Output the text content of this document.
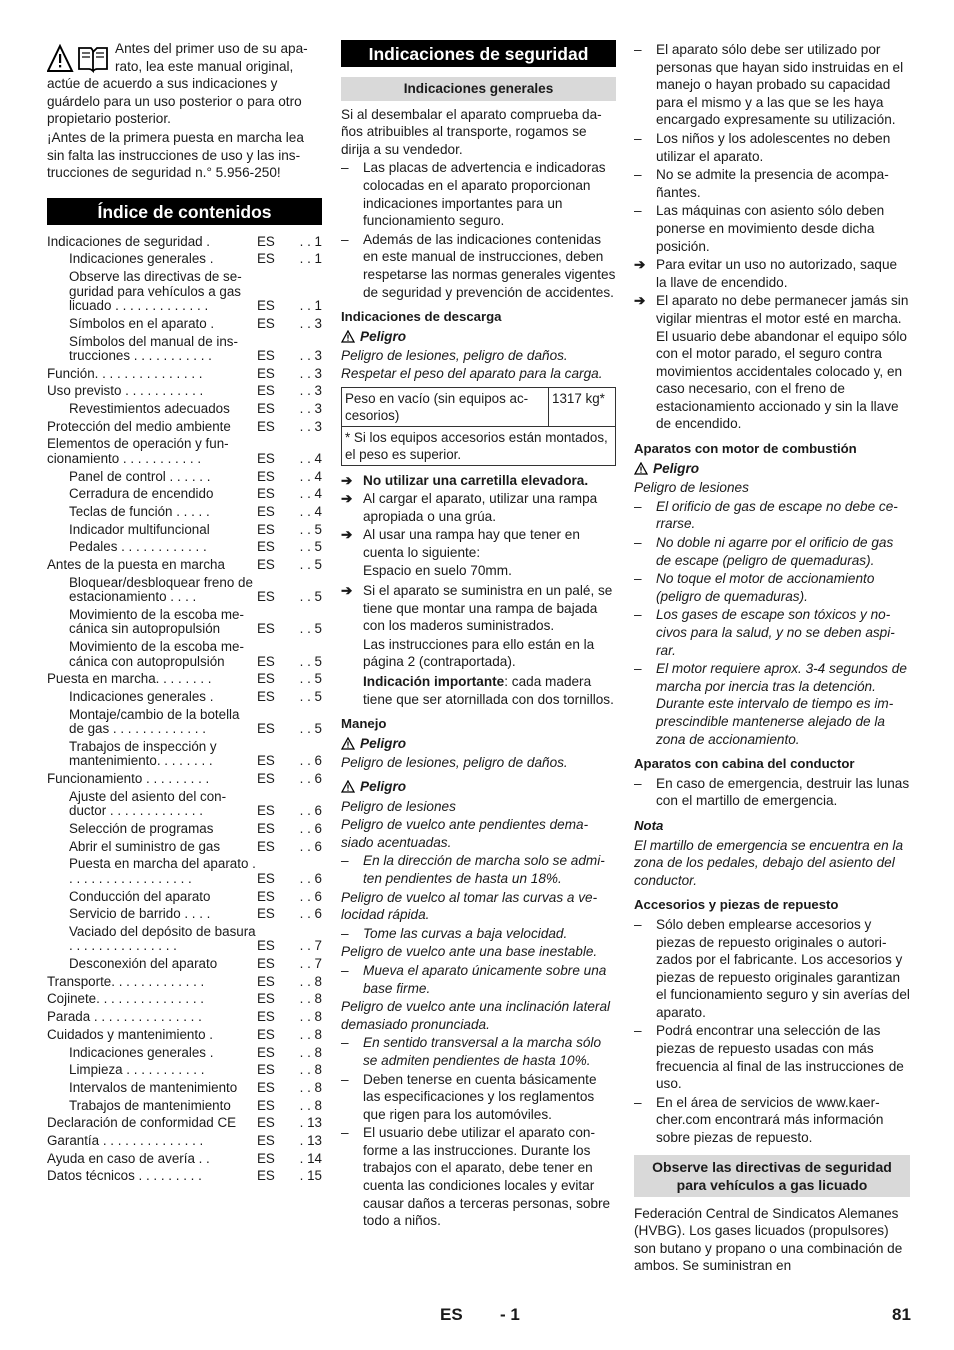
Antes del primer uso de su aparato, lea este manual original, actúe de acuerdo a sus indicaciones y guárdelo para un uso posterior o para otro propietario posterior.

¡Antes de la primera puesta en marcha lea sin falta las instrucciones de uso y las instrucciones de seguridad n.° 5.956-250!

Índice de contenidos
Indicaciones de seguridad .	ES	. . 1
Indicaciones generales .	ES	. . 1
Observe las directivas de seguridad para vehículos a gas licuado . . . . . . . . . . . . .	ES	. . 1
Símbolos en el aparato .	ES	. . 3
Símbolos del manual de instrucciones . . . . . . . . . . .	ES	. . 3
Función. . . . . . . . . . . . . . .	ES	. . 3
Uso previsto . . . . . . . . . . .	ES	. . 3
Revestimientos adecuados	ES	. . 3
Protección del medio ambiente	ES	. . 3
Elementos de operación y funcionamiento . . . . . . . . . . .	ES	. . 4
Panel de control . . . . . .	ES	. . 4
Cerradura de encendido	ES	. . 4
Teclas de función . . . . .	ES	. . 4
Indicador multifuncional	ES	. . 5
Pedales . . . . . . . . . . . .	ES	. . 5
Antes de la puesta en marcha	ES	. . 5
Bloquear/desbloquear freno de estacionamiento . . . .	ES	. . 5
Movimiento de la escoba mecánica sin autopropulsión	ES	. . 5
Movimiento de la escoba mecánica con autopropulsión	ES	. . 5
Puesta en marcha. . . . . . . .	ES	. . 5
Indicaciones generales .	ES	. . 5
Montaje/cambio de la botella de gas . . . . . . . . . . . . .	ES	. . 5
Trabajos de inspección y mantenimiento. . . . . . . .	ES	. . 6
Funcionamiento . . . . . . . . .	ES	. . 6
Ajuste del asiento del conductor . . . . . . . . . . . . .	ES	. . 6
Selección de programas	ES	. . 6
Abrir el suministro de gas	ES	. . 6
Puesta en marcha del aparato . . . . . . . . . . . . . . . . . .	ES	. . 6
Conducción del aparato	ES	. . 6
Servicio de barrido . . . .	ES	. . 6
Vaciado del depósito de basura . . . . . . . . . . . . . . .	ES	. . 7
Desconexión del aparato	ES	. . 7
Transporte. . . . . . . . . . . . .	ES	. . 8
Cojinete. . . . . . . . . . . . . . .	ES	. . 8
Parada . . . . . . . . . . . . . . .	ES	. . 8
Cuidados y mantenimiento .	ES	. . 8
Indicaciones generales .	ES	. . 8
Limpieza . . . . . . . . . . .	ES	. . 8
Intervalos de mantenimiento	ES	. . 8
Trabajos de mantenimiento	ES	. . 8
Declaración de conformidad CE	ES	. 13
Garantía . . . . . . . . . . . . . .	ES	. 13
Ayuda en caso de avería . .	ES	. 14
Datos técnicos . . . . . . . . .	ES	. 15
Indicaciones de seguridad
Indicaciones generales

Si al desembalar el aparato comprueba daños atribuibles al transporte, rogamos se dirija a su vendedor.

– Las placas de advertencia e indicadoras colocadas en el aparato proporcionan indicaciones importantes para un funcionamiento seguro.
– Además de las indicaciones contenidas en este manual de instrucciones, deben respetarse las normas generales vigentes de seguridad y prevención de accidentes.
Indicaciones de descarga
Peligro

Peligro de lesiones, peligro de daños. Respetar el peso del aparato para la carga.

Peso en vacío (sin equipos accesorios)	1317 kg*
* Si los equipos accesorios están montados, el peso es superior.
➔ No utilizar una carretilla elevadora.
➔ Al cargar el aparato, utilizar una rampa apropiada o una grúa.
➔ Al usar una rampa hay que tener en cuenta lo siguiente:

Espacio en suelo 70mm.

➔ Si el aparato se suministra en un palé, se tiene que montar una rampa de bajada con los maderos suministrados.

Las instrucciones para ello están en la página 2 (contraportada).

Indicación importante: cada madera tiene que ser atornillada con dos tornillos.

Manejo
Peligro

Peligro de lesiones, peligro de daños.

Peligro

Peligro de lesiones

Peligro de vuelco ante pendientes demasiado acentuadas.

– En la dirección de marcha solo se admiten pendientes de hasta un 18%.

Peligro de vuelco al tomar las curvas a velocidad rápida.

– Tome las curvas a baja velocidad.

Peligro de vuelco ante una base inestable.

– Mueva el aparato únicamente sobre una base firme.

Peligro de vuelco ante una inclinación lateral demasiado pronunciada.

– En sentido transversal a la marcha sólo se admiten pendientes de hasta 10%.
– Deben tenerse en cuenta básicamente las especificaciones y los reglamentos que rigen para los automóviles.
– El usuario debe utilizar el aparato conforme a las instrucciones. Durante los trabajos con el aparato, debe tener en cuenta las condiciones locales y evitar causar daños a terceras personas, sobre todo a niños.
– El aparato sólo debe ser utilizado por personas que hayan sido instruidas en el manejo o hayan probado su capacidad para el mismo y a las que se les haya encargado expresamente su utilización.
– Los niños y los adolescentes no deben utilizar el aparato.
– No se admite la presencia de acompañantes.
– Las máquinas con asiento sólo deben ponerse en movimiento desde dicha posición.
➔ Para evitar un uso no autorizado, saque la llave de encendido.
➔ El aparato no debe permanecer jamás sin vigilar mientras el motor esté en marcha. El usuario debe abandonar el equipo sólo con el motor parado, el seguro contra movimientos accidentales colocado y, en caso necesario, con el freno de estacionamiento accionado y sin la llave de encendido.
Aparatos con motor de combustión
Peligro

Peligro de lesiones

– El orificio de gas de escape no debe cerrarse.
– No doble ni agarre por el orificio de gas de escape (peligro de quemaduras).
– No toque el motor de accionamiento (peligro de quemaduras).
– Los gases de escape son tóxicos y nocivos para la salud, y no se deben aspirar.
– El motor requiere aprox. 3-4 segundos de marcha por inercia tras la detención. Durante este intervalo de tiempo es imprescindible mantenerse alejado de la zona de accionamiento.
Aparatos con cabina del conductor
– En caso de emergencia, destruir las lunas con el martillo de emergencia.
Nota

El martillo de emergencia se encuentra en la zona de los pedales, debajo del asiento del conductor.

Accesorios y piezas de repuesto
– Sólo deben emplearse accesorios y piezas de repuesto originales o autorizados por el fabricante. Los accesorios y piezas de repuesto originales garantizan el funcionamiento seguro y sin averías del aparato.
– Podrá encontrar una selección de las piezas de repuesto usadas con más frecuencia al final de las instrucciones de uso.
– En el área de servicios de www.kaercher.com encontrará más información sobre piezas de repuesto.
Observe las directivas de seguridad para vehículos a gas licuado

Federación Central de Sindicatos Alemanes (HVBG). Los gases licuados (propulsores) son butano y propano o una combinación de ambos. Se suministran en

ES - 1	81
